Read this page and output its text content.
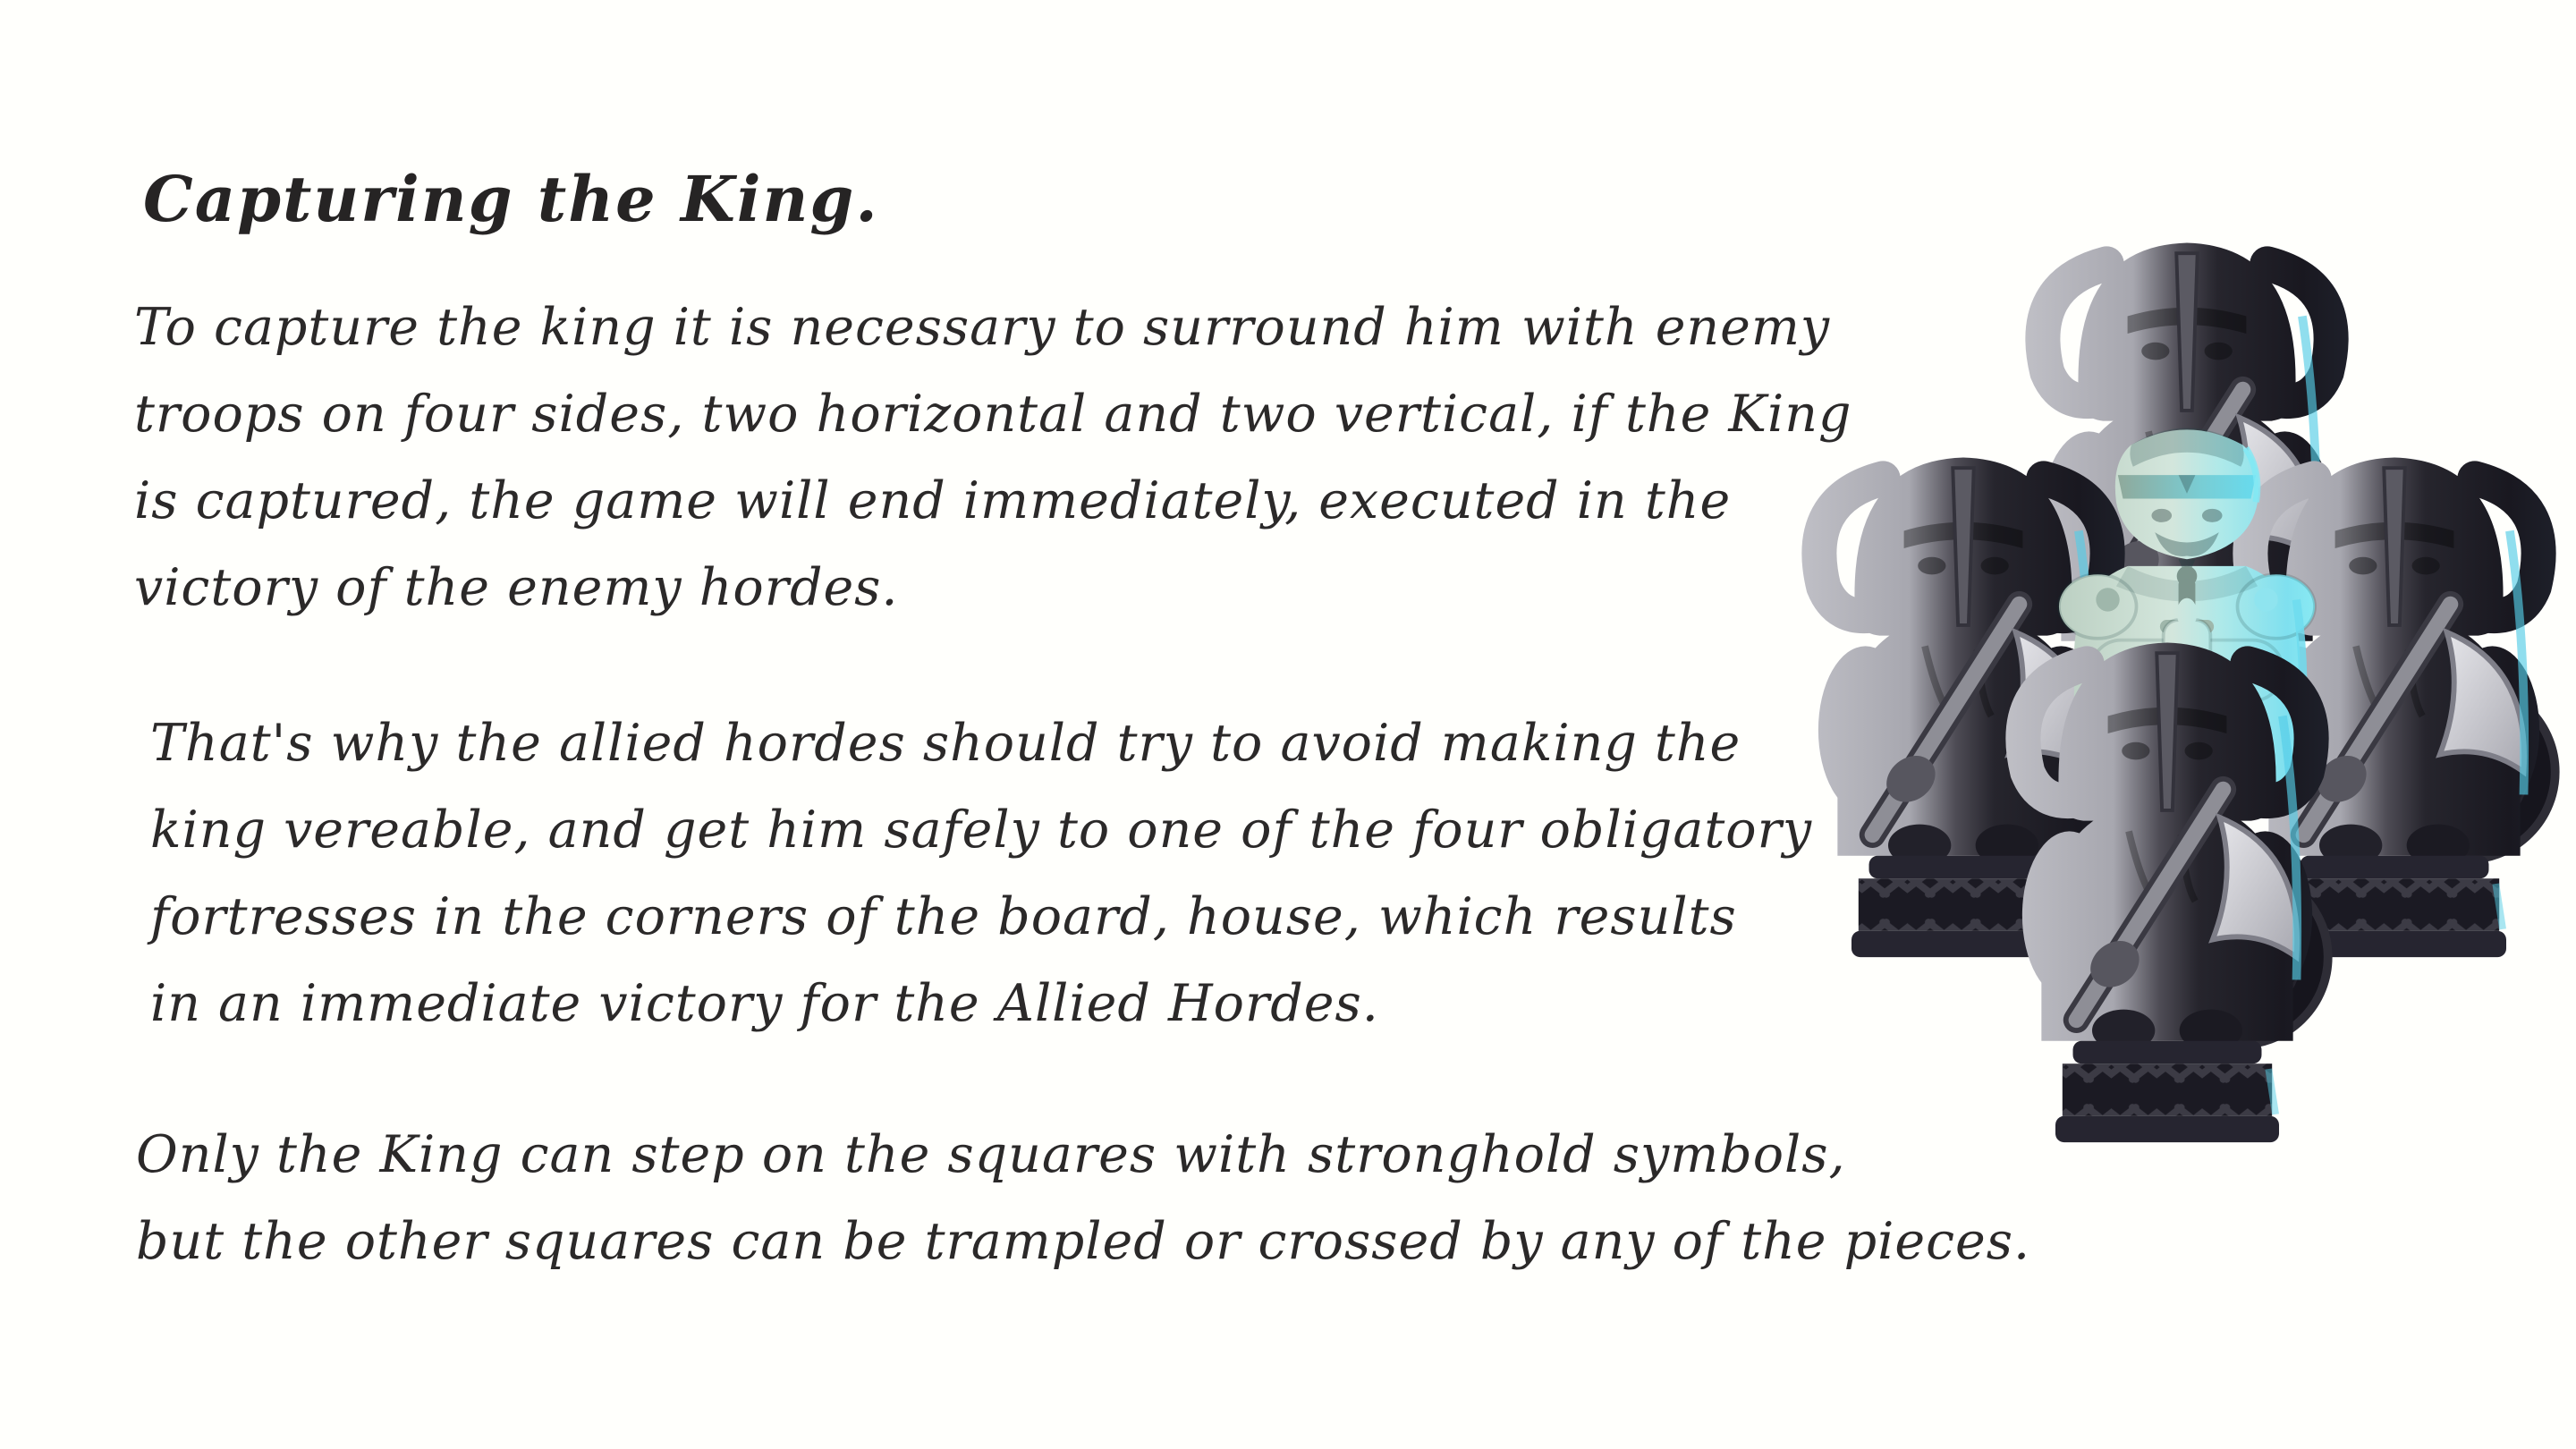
Capturing the King.
To capture the king it is necessary to surround him with enemy
troops on four sides, two horizontal and two vertical, if the King
is captured, the game will end immediately, executed in the
victory of the enemy hordes.
That's why the allied hordes should try to avoid making the
king vereable, and get him safely to one of the four obligatory
fortresses in the corners of the board, house, which results
in an immediate victory for the Allied Hordes.
Only the King can step on the squares with stronghold symbols,
but the other squares can be trampled or crossed by any of the pieces.
